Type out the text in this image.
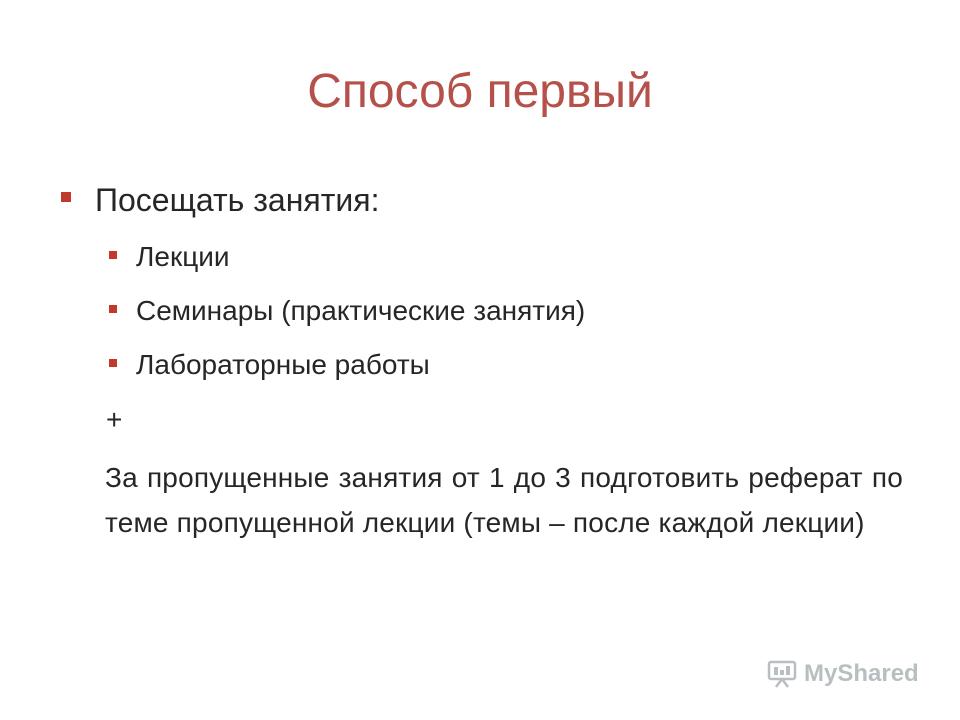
Способ первый
Посещать занятия:
Лекции
Семинары (практические занятия)
Лабораторные работы
+
За пропущенные занятия от 1 до 3 подготовить реферат по теме пропущенной лекции (темы – после каждой лекции)
MyShared
